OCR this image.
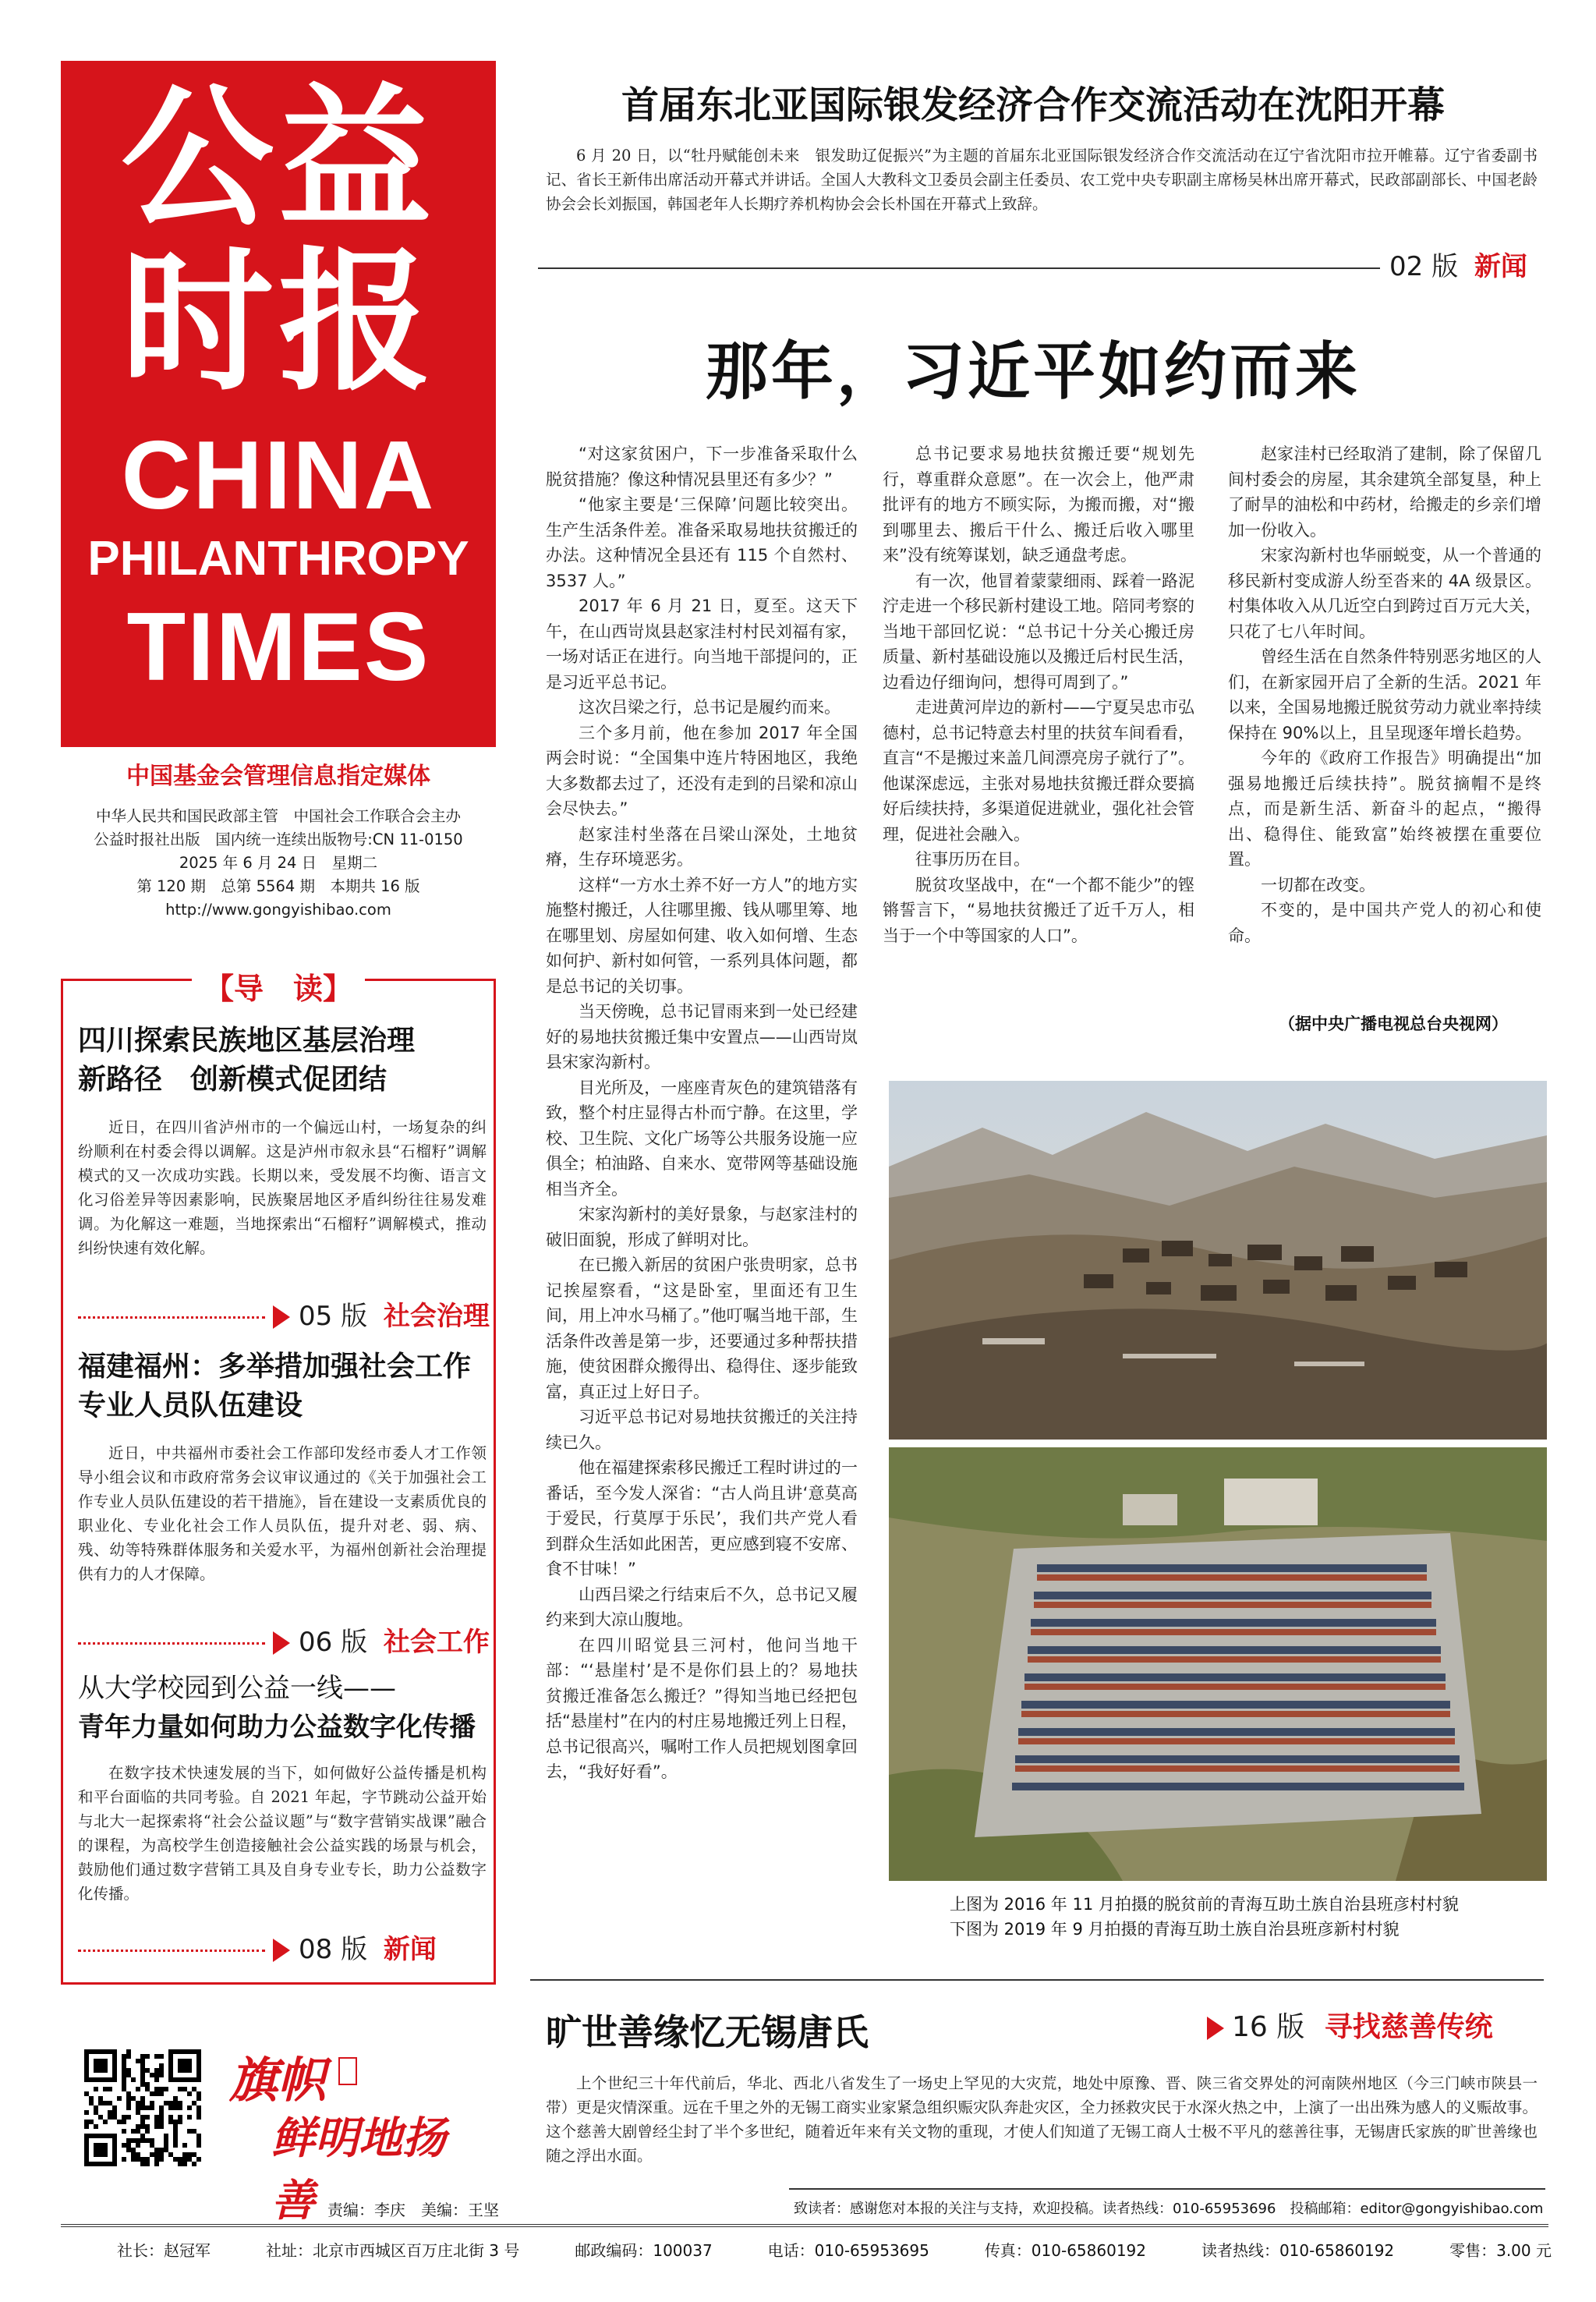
公益
时报
CHINA
PHILANTHROPY
TIMES
中国基金会管理信息指定媒体
中华人民共和国民政部主管　中国社会工作联合会主办
公益时报社出版　国内统一连续出版物号:CN 11-0150
2025 年 6 月 24 日　星期二
第 120 期　总第 5564 期　本期共 16 版
http://www.gongyishibao.com
【导　读】
四川探索民族地区基层治理
新路径　创新模式促团结
近日，在四川省泸州市的一个偏远山村，一场复杂的纠纷顺利在村委会得以调解。这是泸州市叙永县“石榴籽”调解模式的又一次成功实践。长期以来，受发展不均衡、语言文化习俗差异等因素影响，民族聚居地区矛盾纠纷往往易发难调。为化解这一难题，当地探索出“石榴籽”调解模式，推动纠纷快速有效化解。
05 版 社会治理
福建福州：多举措加强社会工作
专业人员队伍建设
近日，中共福州市委社会工作部印发经市委人才工作领导小组会议和市政府常务会议审议通过的《关于加强社会工作专业人员队伍建设的若干措施》，旨在建设一支素质优良的职业化、专业化社会工作人员队伍，提升对老、弱、病、残、幼等特殊群体服务和关爱水平，为福州创新社会治理提供有力的人才保障。
06 版 社会工作
从大学校园到公益一线——
青年力量如何助力公益数字化传播
在数字技术快速发展的当下，如何做好公益传播是机构和平台面临的共同考验。自 2021 年起，字节跳动公益开始与北大一起探索将“社会公益议题”与“数字营销实战课”融合的课程，为高校学生创造接触社会公益实践的场景与机会，鼓励他们通过数字营销工具及自身专业专长，助力公益数字化传播。
08 版 新闻
首届东北亚国际银发经济合作交流活动在沈阳开幕
6 月 20 日，以“牡丹赋能创未来　银发助辽促振兴”为主题的首届东北亚国际银发经济合作交流活动在辽宁省沈阳市拉开帷幕。辽宁省委副书记、省长王新伟出席活动开幕式并讲话。全国人大教科文卫委员会副主任委员、农工党中央专职副主席杨吴林出席开幕式，民政部副部长、中国老龄协会会长刘振国，韩国老年人长期疗养机构协会会长朴国在开幕式上致辞。
02 版 新闻
那年，习近平如约而来

“对这家贫困户，下一步准备采取什么脱贫措施？像这种情况县里还有多少？”

“他家主要是‘三保障’问题比较突出。生产生活条件差。准备采取易地扶贫搬迁的办法。这种情况全县还有 115 个自然村、3537 人。”

2017 年 6 月 21 日，夏至。这天下午，在山西岢岚县赵家洼村村民刘福有家，一场对话正在进行。向当地干部提问的，正是习近平总书记。

这次吕梁之行，总书记是履约而来。

三个多月前，他在参加 2017 年全国两会时说：“全国集中连片特困地区，我绝大多数都去过了，还没有走到的吕梁和凉山会尽快去。”

赵家洼村坐落在吕梁山深处，土地贫瘠，生存环境恶劣。

这样“一方水土养不好一方人”的地方实施整村搬迁，人往哪里搬、钱从哪里筹、地在哪里划、房屋如何建、收入如何增、生态如何护、新村如何管，一系列具体问题，都是总书记的关切事。

当天傍晚，总书记冒雨来到一处已经建好的易地扶贫搬迁集中安置点——山西岢岚县宋家沟新村。

目光所及，一座座青灰色的建筑错落有致，整个村庄显得古朴而宁静。在这里，学校、卫生院、文化广场等公共服务设施一应俱全；柏油路、自来水、宽带网等基础设施相当齐全。

宋家沟新村的美好景象，与赵家洼村的破旧面貌，形成了鲜明对比。

在已搬入新居的贫困户张贵明家，总书记挨屋察看，“这是卧室，里面还有卫生间，用上冲水马桶了。”他叮嘱当地干部，生活条件改善是第一步，还要通过多种帮扶措施，使贫困群众搬得出、稳得住、逐步能致富，真正过上好日子。

习近平总书记对易地扶贫搬迁的关注持续已久。

他在福建探索移民搬迁工程时讲过的一番话，至今发人深省：“古人尚且讲‘意莫高于爱民，行莫厚于乐民’，我们共产党人看到群众生活如此困苦，更应感到寝不安席、食不甘味！”

山西吕梁之行结束后不久，总书记又履约来到大凉山腹地。

在四川昭觉县三河村，他问当地干部：“‘悬崖村’是不是你们县上的？易地扶贫搬迁准备怎么搬迁？”得知当地已经把包括“悬崖村”在内的村庄易地搬迁列上日程，总书记很高兴，嘱咐工作人员把规划图拿回去，“我好好看”。

总书记要求易地扶贫搬迁要“规划先行，尊重群众意愿”。在一次会上，他严肃批评有的地方不顾实际，为搬而搬，对“搬到哪里去、搬后干什么、搬迁后收入哪里来”没有统筹谋划，缺乏通盘考虑。

有一次，他冒着蒙蒙细雨、踩着一路泥泞走进一个移民新村建设工地。陪同考察的当地干部回忆说：“总书记十分关心搬迁房质量、新村基础设施以及搬迁后村民生活，边看边仔细询问，想得可周到了。”

走进黄河岸边的新村——宁夏吴忠市弘德村，总书记特意去村里的扶贫车间看看，直言“不是搬过来盖几间漂亮房子就行了”。他谋深虑远，主张对易地扶贫搬迁群众要搞好后续扶持，多渠道促进就业，强化社会管理，促进社会融入。

往事历历在目。

脱贫攻坚战中，在“一个都不能少”的铿锵誓言下，“易地扶贫搬迁了近千万人，相当于一个中等国家的人口”。

赵家洼村已经取消了建制，除了保留几间村委会的房屋，其余建筑全部复垦，种上了耐旱的油松和中药材，给搬走的乡亲们增加一份收入。

宋家沟新村也华丽蜕变，从一个普通的移民新村变成游人纷至沓来的 4A 级景区。村集体收入从几近空白到跨过百万元大关，只花了七八年时间。

曾经生活在自然条件特别恶劣地区的人们，在新家园开启了全新的生活。2021 年以来，全国易地搬迁脱贫劳动力就业率持续保持在 90%以上，且呈现逐年增长趋势。

今年的《政府工作报告》明确提出“加强易地搬迁后续扶持”。脱贫摘帽不是终点，而是新生活、新奋斗的起点，“搬得出、稳得住、能致富”始终被摆在重要位置。

一切都在改变。

不变的，是中国共产党人的初心和使命。

（据中央广播电视总台央视网）
上图为 2016 年 11 月拍摄的脱贫前的青海互助土族自治县班彦村村貌
下图为 2019 年 9 月拍摄的青海互助土族自治县班彦新村村貌
旷世善缘忆无锡唐氏	16 版 寻找慈善传统
上个世纪三十年代前后，华北、西北八省发生了一场史上罕见的大灾荒，地处中原豫、晋、陕三省交界处的河南陕州地区（今三门峡市陕县一带）更是灾情深重。远在千里之外的无锡工商实业家紧急组织赈灾队奔赴灾区，全力拯救灾民于水深火热之中，上演了一出出殊为感人的义赈故事。这个慈善大剧曾经尘封了半个多世纪，随着近年来有关文物的重现，才使人们知道了无锡工商人士极不平凡的慈善往事，无锡唐氏家族的旷世善缘也随之浮出水面。
旗帜
鲜明地扬善 责编：李庆　美编：王坚	致读者：感谢您对本报的关注与支持，欢迎投稿。读者热线：010-65953696　投稿邮箱：editor@gongyishibao.com
社长：赵冠军	社址：北京市西城区百万庄北街 3 号	邮政编码：100037	电话：010-65953695	传真：010-65860192	读者热线：010-65860192	零售：3.00 元
